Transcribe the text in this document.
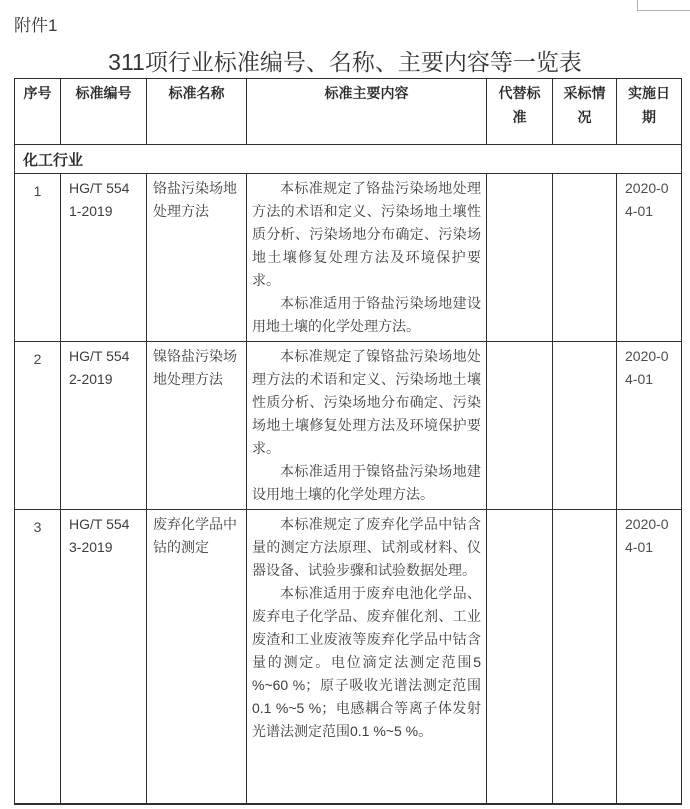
附件1
311项行业标准编号、名称、主要内容等一览表
序号	标准编号	标准名称	标准主要内容	代替标准	采标情况	实施日期
化工行业						
1	HG/T 5541-2019	铬盐污染场地处理方法	本标准规定了铬盐污染场地处理方法的术语和定义、污染场地土壤性质分析、污染场地分布确定、污染场地土壤修复处理方法及环境保护要求。

本标准适用于铬盐污染场地建设用地土壤的化学处理方法。			2020-04-01
2	HG/T 5542-2019	镍铬盐污染场地处理方法	本标准规定了镍铬盐污染场地处理方法的术语和定义、污染场地土壤性质分析、污染场地分布确定、污染场地土壤修复处理方法及环境保护要求。

本标准适用于镍铬盐污染场地建设用地土壤的化学处理方法。			2020-04-01
3	HG/T 5543-2019	废弃化学品中钴的测定	本标准规定了废弃化学品中钴含量的测定方法原理、试剂或材料、仪器设备、试验步骤和试验数据处理。

本标准适用于废弃电池化学品、废弃电子化学品、废弃催化剂、工业废渣和工业废液等废弃化学品中钴含量的测定。电位滴定法测定范围5 %~60 %；原子吸收光谱法测定范围0.1 %~5 %；电感耦合等离子体发射光谱法测定范围0.1 %~5 %。			2020-04-01
